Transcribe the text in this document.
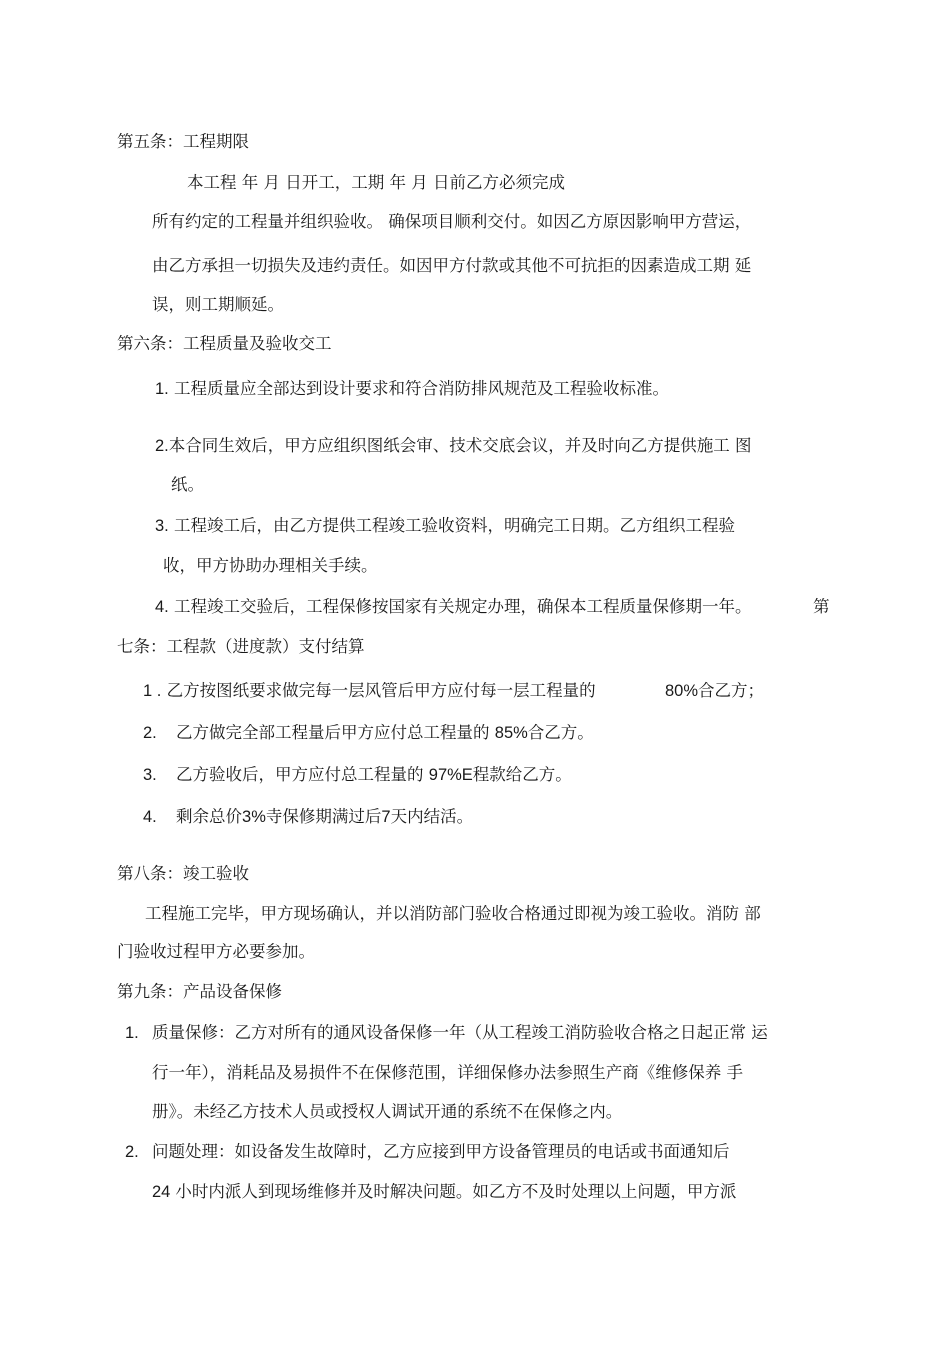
第五条：工程期限
本工程 年 月 日开工，工期 年 月 日前乙方必须完成
所有约定的工程量并组织验收。 确保项目顺利交付。如因乙方原因影响甲方营运，
由乙方承担一切损失及违约责任。如因甲方付款或其他不可抗拒的因素造成工期 延
误，则工期顺延。
第六条：工程质量及验收交工
1. 工程质量应全部达到设计要求和符合消防排风规范及工程验收标准。
2.本合同生效后，甲方应组织图纸会审、技术交底会议，并及时向乙方提供施工 图
纸。
3. 工程竣工后，由乙方提供工程竣工验收资料，明确完工日期。乙方组织工程验
收，甲方协助办理相关手续。
4. 工程竣工交验后，工程保修按国家有关规定办理，确保本工程质量保修期一年。	第
七条：工程款（进度款）支付结算
1 . 乙方按图纸要求做完每一层风管后甲方应付每一层工程量的	80%合乙方；
2. 乙方做完全部工程量后甲方应付总工程量的 85%合乙方。
3. 乙方验收后，甲方应付总工程量的 97%E程款给乙方。
4. 剩余总价3%寺保修期满过后7天内结活。
第八条：竣工验收
工程施工完毕，甲方现场确认，并以消防部门验收合格通过即视为竣工验收。消防 部
门验收过程甲方必要参加。
第九条：产品设备保修
1. 质量保修：乙方对所有的通风设备保修一年（从工程竣工消防验收合格之日起正常 运
行一年），消耗品及易损件不在保修范围，详细保修办法参照生产商《维修保养 手
册》。未经乙方技术人员或授权人调试开通的系统不在保修之内。
2. 问题处理：如设备发生故障时，乙方应接到甲方设备管理员的电话或书面通知后
24 小时内派人到现场维修并及时解决问题。如乙方不及时处理以上问题，甲方派
